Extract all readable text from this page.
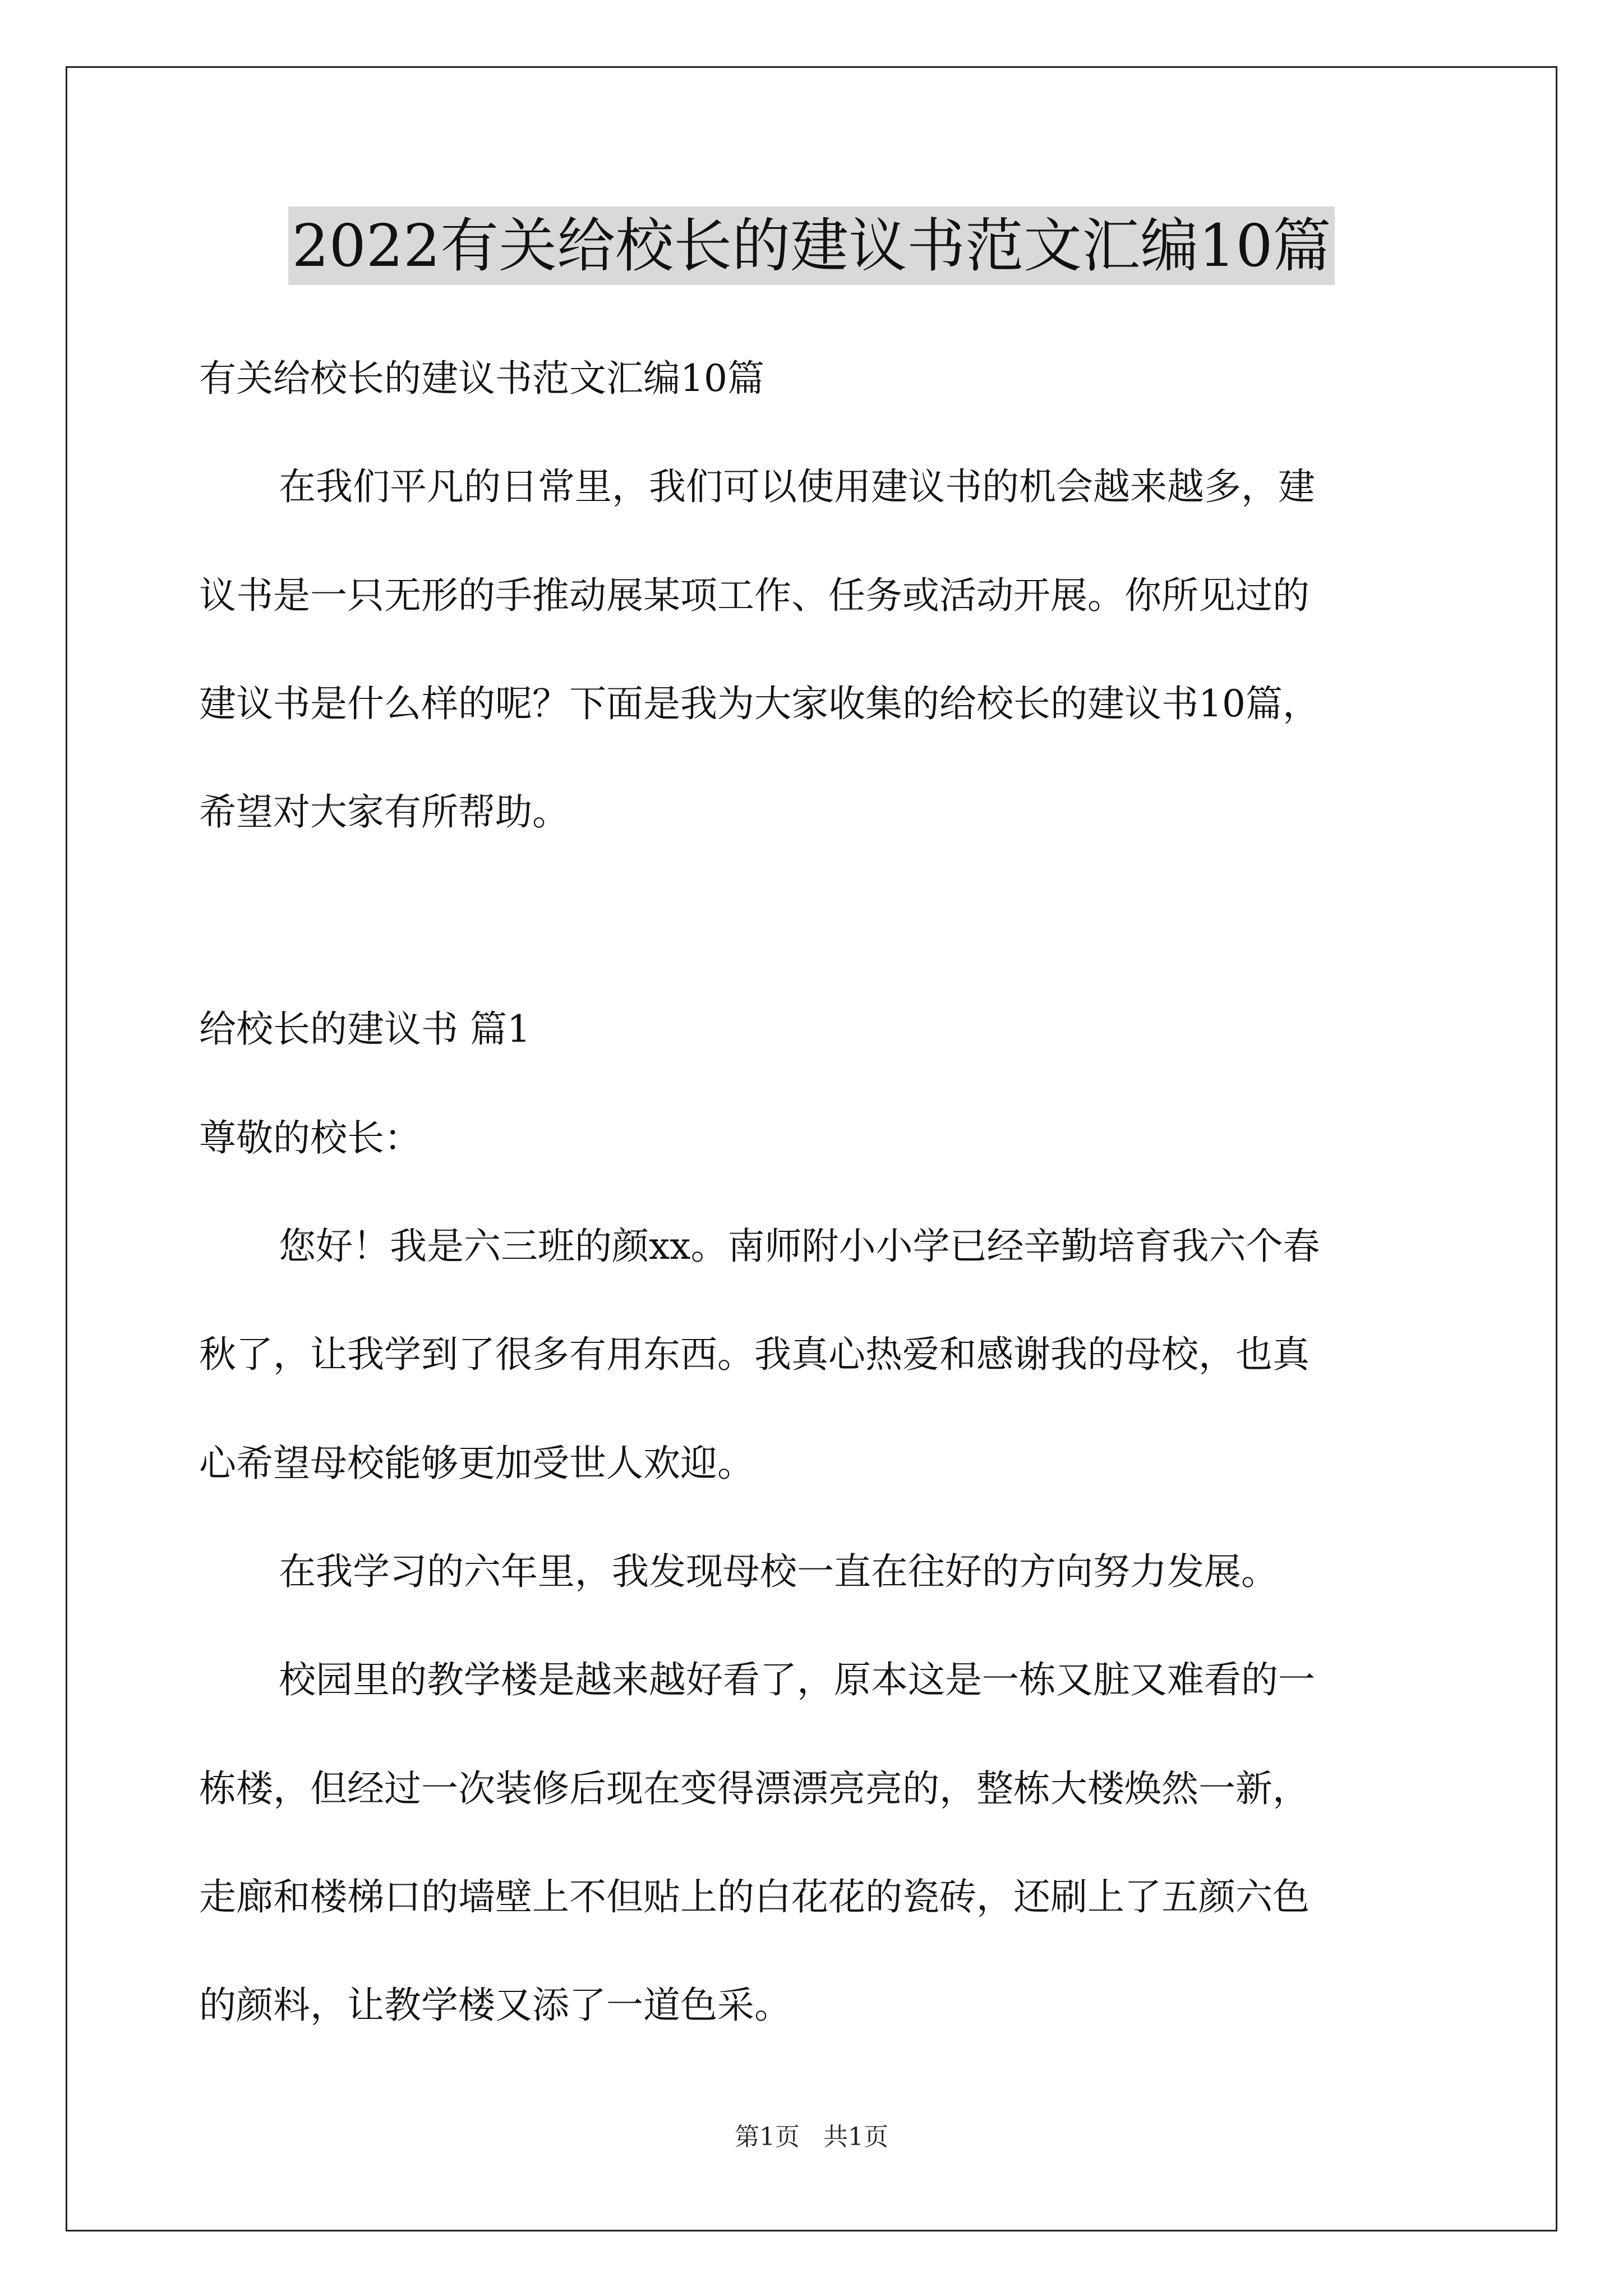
2022有关给校长的建议书范文汇编10篇

有关给校长的建议书范文汇编10篇

在我们平凡的日常里，我们可以使用建议书的机会越来越多，建

议书是一只无形的手推动展某项工作、任务或活动开展。你所见过的

建议书是什么样的呢？下面是我为大家收集的给校长的建议书10篇，

希望对大家有所帮助。

给校长的建议书 篇1

尊敬的校长：

您好！我是六三班的颜xx。南师附小小学已经辛勤培育我六个春

秋了，让我学到了很多有用东西。我真心热爱和感谢我的母校，也真

心希望母校能够更加受世人欢迎。

在我学习的六年里，我发现母校一直在往好的方向努力发展。

校园里的教学楼是越来越好看了，原本这是一栋又脏又难看的一

栋楼，但经过一次装修后现在变得漂漂亮亮的，整栋大楼焕然一新，

走廊和楼梯口的墙壁上不但贴上的白花花的瓷砖，还刷上了五颜六色

的颜料，让教学楼又添了一道色采。

第1页   共1页
